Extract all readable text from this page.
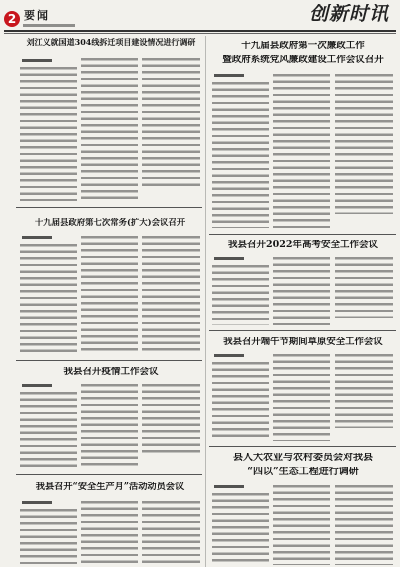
2 要闻	创新时讯
刘江义就国道304线拆迁项目建设情况进行调研
十九届县政府第七次常务(扩大)会议召开
我县召开疫情工作会议
我县召开“安全生产月”活动动员会议
十九届县政府第一次廉政工作
暨政府系统党风廉政建设工作会议召开
我县召开2022年高考安全工作会议
我县召开端午节期间草原安全工作会议
县人大农业与农村委员会对我县
“四以”生态工程进行调研
